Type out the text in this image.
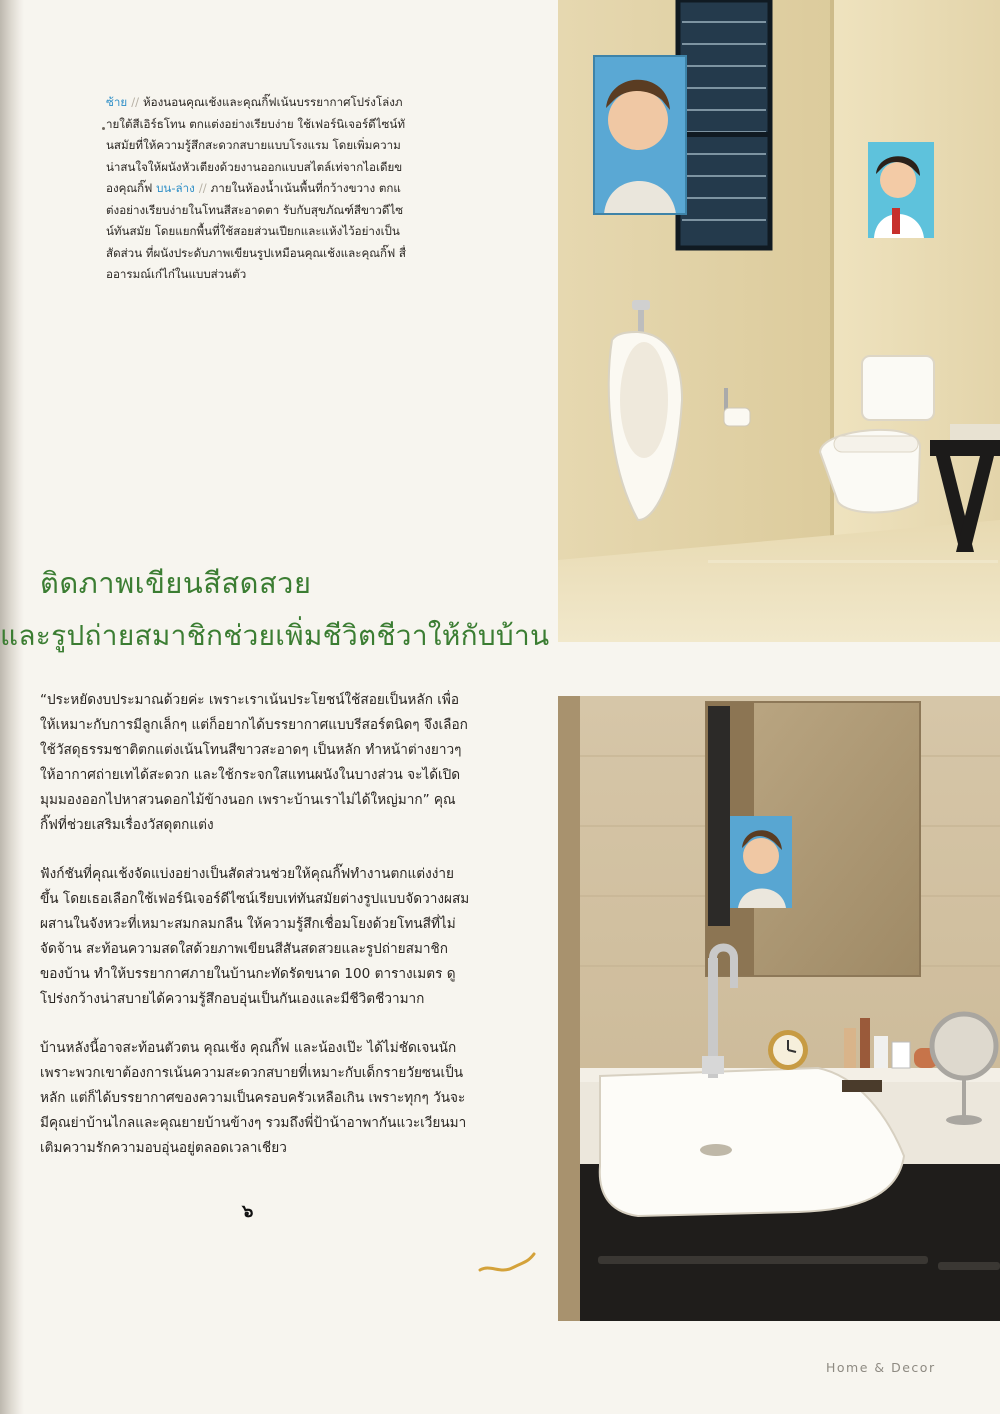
ซ้าย // ห้องนอนคุณเช้งและคุณกิ๊ฟเน้นบรรยากาศโปร่งโล่งภายใต้สีเอิร์ธโทน ตกแต่งอย่างเรียบง่าย ใช้เฟอร์นิเจอร์ดีไซน์ทันสมัยที่ให้ความรู้สึกสะดวกสบายแบบโรงแรม โดยเพิ่มความน่าสนใจให้ผนังหัวเตียงด้วยงานออกแบบสไตล์เท่จากไอเดียของคุณกิ๊ฟ บน-ล่าง // ภายในห้องน้ำเน้นพื้นที่กว้างขวาง ตกแต่งอย่างเรียบง่ายในโทนสีสะอาดตา รับกับสุขภัณฑ์สีขาวดีไซน์ทันสมัย โดยแยกพื้นที่ใช้สอยส่วนเปียกและแห้งไว้อย่างเป็นสัดส่วน ที่ผนังประดับภาพเขียนรูปเหมือนคุณเช้งและคุณกิ๊ฟ สื่ออารมณ์เก๋ไก๋ในแบบส่วนตัว

ติดภาพเขียนสีสดสวย
และรูปถ่ายสมาชิกช่วยเพิ่มชีวิตชีวาให้กับบ้าน

“ประหยัดงบประมาณด้วยค่ะ เพราะเราเน้นประโยชน์ใช้สอยเป็นหลัก เพื่อให้เหมาะกับการมีลูกเล็กๆ แต่ก็อยากได้บรรยากาศแบบรีสอร์ตนิดๆ จึงเลือกใช้วัสดุธรรมชาติตกแต่งเน้นโทนสีขาวสะอาดๆ เป็นหลัก ทำหน้าต่างยาวๆ ให้อากาศถ่ายเทได้สะดวก และใช้กระจกใสแทนผนังในบางส่วน จะได้เปิดมุมมองออกไปหาสวนดอกไม้ข้างนอก เพราะบ้านเราไม่ได้ใหญ่มาก” คุณกิ๊ฟที่ช่วยเสริมเรื่องวัสดุตกแต่ง

ฟังก์ชันที่คุณเช้งจัดแบ่งอย่างเป็นสัดส่วนช่วยให้คุณกิ๊ฟทำงานตกแต่งง่ายขึ้น โดยเธอเลือกใช้เฟอร์นิเจอร์ดีไซน์เรียบเท่ทันสมัยต่างรูปแบบจัดวางผสมผสานในจังหวะที่เหมาะสมกลมกลืน ให้ความรู้สึกเชื่อมโยงด้วยโทนสีที่ไม่จัดจ้าน สะท้อนความสดใสด้วยภาพเขียนสีสันสดสวยและรูปถ่ายสมาชิกของบ้าน ทำให้บรรยากาศภายในบ้านกะทัดรัดขนาด 100 ตารางเมตร ดูโปร่งกว้างน่าสบายได้ความรู้สึกอบอุ่นเป็นกันเองและมีชีวิตชีวามาก

บ้านหลังนี้อาจสะท้อนตัวตน คุณเช้ง คุณกิ๊ฟ และน้องเป๊ะ ได้ไม่ชัดเจนนัก เพราะพวกเขาต้องการเน้นความสะดวกสบายที่เหมาะกับเด็กรายวัยซนเป็นหลัก แต่ก็ได้บรรยากาศของความเป็นครอบครัวเหลือเกิน เพราะทุกๆ วันจะมีคุณย่าบ้านไกลและคุณยายบ้านข้างๆ รวมถึงพี่ป้าน้าอาพากันแวะเวียนมาเติมความรักความอบอุ่นอยู่ตลอดเวลาเชียว

๖
Home & Decor
